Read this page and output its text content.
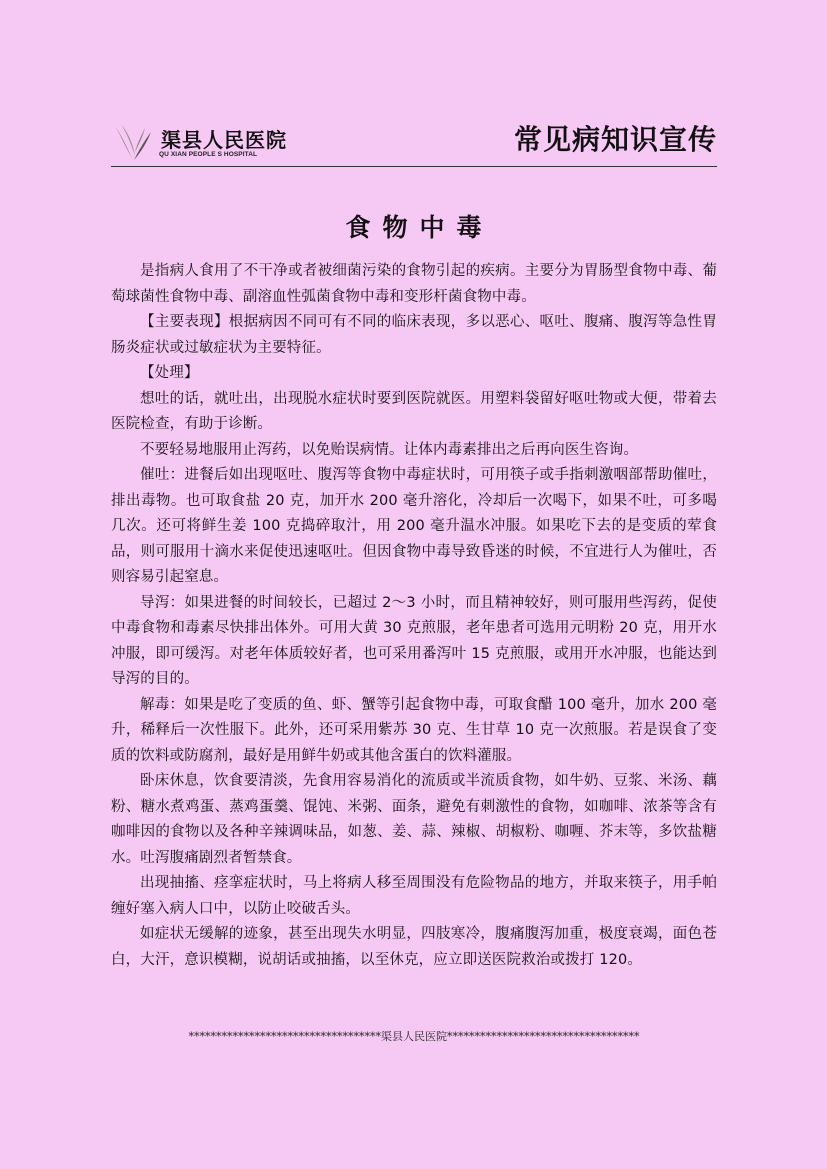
渠县人民医院
QU XIAN PEOPLE S HOSPITAL	常见病知识宣传
食物中毒

是指病人食用了不干净或者被细菌污染的食物引起的疾病。主要分为胃肠型食物中毒、葡萄球菌性食物中毒、副溶血性弧菌食物中毒和变形杆菌食物中毒。

【主要表现】根据病因不同可有不同的临床表现，多以恶心、呕吐、腹痛、腹泻等急性胃肠炎症状或过敏症状为主要特征。

【处理】

想吐的话，就吐出，出现脱水症状时要到医院就医。用塑料袋留好呕吐物或大便，带着去医院检查，有助于诊断。

不要轻易地服用止泻药，以免贻误病情。让体内毒素排出之后再向医生咨询。

催吐：进餐后如出现呕吐、腹泻等食物中毒症状时，可用筷子或手指刺激咽部帮助催吐，排出毒物。也可取食盐 20 克，加开水 200 毫升溶化，冷却后一次喝下，如果不吐，可多喝几次。还可将鲜生姜 100 克捣碎取汁，用 200 毫升温水冲服。如果吃下去的是变质的荤食品，则可服用十滴水来促使迅速呕吐。但因食物中毒导致昏迷的时候，不宜进行人为催吐，否则容易引起窒息。

导泻：如果进餐的时间较长，已超过 2～3 小时，而且精神较好，则可服用些泻药，促使中毒食物和毒素尽快排出体外。可用大黄 30 克煎服，老年患者可选用元明粉 20 克，用开水冲服，即可缓泻。对老年体质较好者，也可采用番泻叶 15 克煎服，或用开水冲服，也能达到导泻的目的。

解毒：如果是吃了变质的鱼、虾、蟹等引起食物中毒，可取食醋 100 毫升，加水 200 毫升，稀释后一次性服下。此外，还可采用紫苏 30 克、生甘草 10 克一次煎服。若是误食了变质的饮料或防腐剂，最好是用鲜牛奶或其他含蛋白的饮料灌服。

卧床休息，饮食要清淡，先食用容易消化的流质或半流质食物，如牛奶、豆浆、米汤、藕粉、糖水煮鸡蛋、蒸鸡蛋羹、馄饨、米粥、面条，避免有刺激性的食物，如咖啡、浓茶等含有咖啡因的食物以及各种辛辣调味品，如葱、姜、蒜、辣椒、胡椒粉、咖喱、芥末等，多饮盐糖水。吐泻腹痛剧烈者暂禁食。

出现抽搐、痉挛症状时，马上将病人移至周围没有危险物品的地方，并取来筷子，用手帕缠好塞入病人口中，以防止咬破舌头。

如症状无缓解的迹象，甚至出现失水明显，四肢寒冷，腹痛腹泻加重，极度衰竭，面色苍白，大汗，意识模糊，说胡话或抽搐，以至休克，应立即送医院救治或拨打 120。

***********************************渠县人民医院***********************************
